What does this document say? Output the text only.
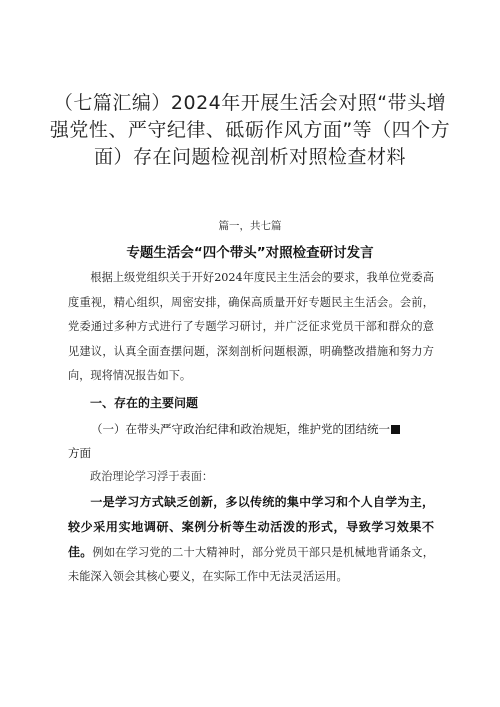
（七篇汇编）2024年开展生活会对照“带头增强党性、严守纪律、砥砺作风方面”等（四个方面）存在问题检视剖析对照检查材料
篇一，共七篇
专题生活会“四个带头”对照检查研讨发言
根据上级党组织关于开好2024年度民主生活会的要求，我单位党委高度重视，精心组织，周密安排，确保高质量开好专题民主生活会。会前，党委通过多种方式进行了专题学习研讨，并广泛征求党员干部和群众的意见建议，认真全面查摆问题，深刻剖析问题根源，明确整改措施和努力方向，现将情况报告如下。
一、存在的主要问题
（一）在带头严守政治纪律和政治规矩，维护党的团结统一
方面
政治理论学习浮于表面：
一是学习方式缺乏创新，多以传统的集中学习和个人自学为主，较少采用实地调研、案例分析等生动活泼的形式，导致学习效果不佳。例如在学习党的二十大精神时，部分党员干部只是机械地背诵条文，未能深入领会其核心要义，在实际工作中无法灵活运用。
